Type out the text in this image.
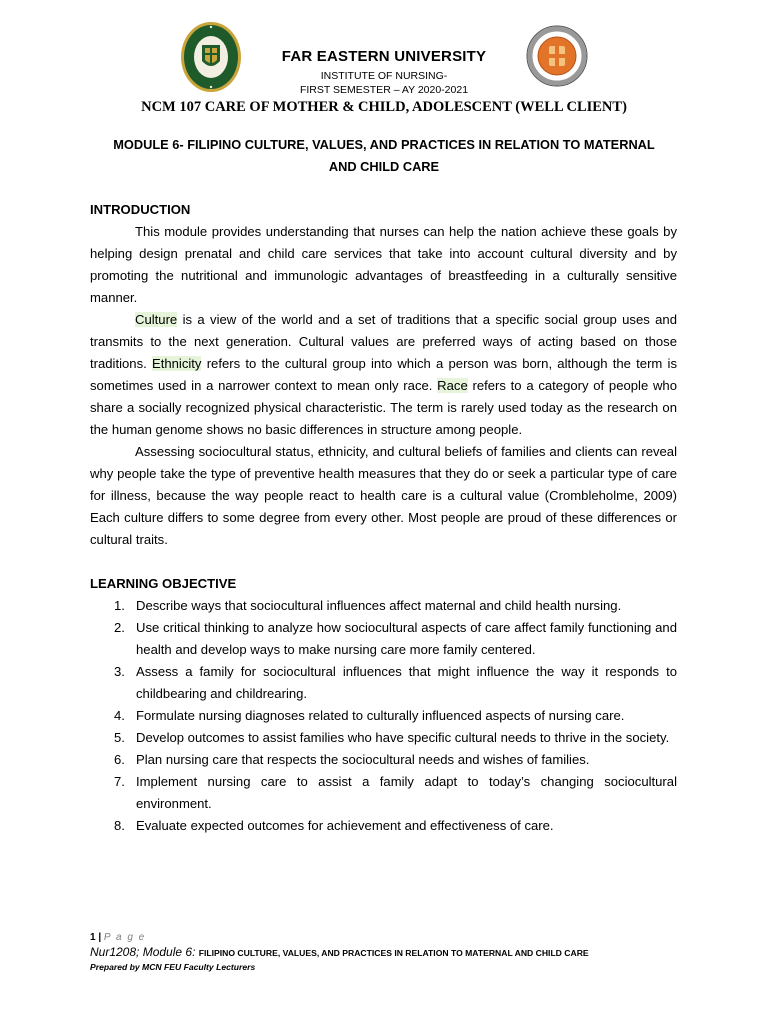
FAR EASTERN UNIVERSITY
INSTITUTE OF NURSING-
FIRST SEMESTER – AY 2020-2021
NCM 107 CARE OF MOTHER & CHILD, ADOLESCENT (WELL CLIENT)
MODULE 6- FILIPINO CULTURE, VALUES, AND PRACTICES IN RELATION TO MATERNAL
AND CHILD CARE

INTRODUCTION

This module provides understanding that nurses can help the nation achieve these goals by helping design prenatal and child care services that take into account cultural diversity and by promoting the nutritional and immunologic advantages of breastfeeding in a culturally sensitive manner.

Culture is a view of the world and a set of traditions that a specific social group uses and transmits to the next generation. Cultural values are preferred ways of acting based on those traditions. Ethnicity refers to the cultural group into which a person was born, although the term is sometimes used in a narrower context to mean only race. Race refers to a category of people who share a socially recognized physical characteristic. The term is rarely used today as the research on the human genome shows no basic differences in structure among people.

Assessing sociocultural status, ethnicity, and cultural beliefs of families and clients can reveal why people take the type of preventive health measures that they do or seek a particular type of care for illness, because the way people react to health care is a cultural value (Crombleholme, 2009) Each culture differs to some degree from every other. Most people are proud of these differences or cultural traits.

LEARNING OBJECTIVE

1. Describe ways that sociocultural influences affect maternal and child health nursing.
2. Use critical thinking to analyze how sociocultural aspects of care affect family functioning and health and develop ways to make nursing care more family centered.
3. Assess a family for sociocultural influences that might influence the way it responds to childbearing and childrearing.
4. Formulate nursing diagnoses related to culturally influenced aspects of nursing care.
5. Develop outcomes to assist families who have specific cultural needs to thrive in the society.
6. Plan nursing care that respects the sociocultural needs and wishes of families.
7. Implement nursing care to assist a family adapt to today’s changing sociocultural environment.
8. Evaluate expected outcomes for achievement and effectiveness of care.
1 | P a g e
Nur1208; Module 6: FILIPINO CULTURE, VALUES, AND PRACTICES IN RELATION TO MATERNAL AND CHILD CARE
Prepared by MCN FEU Faculty Lecturers
